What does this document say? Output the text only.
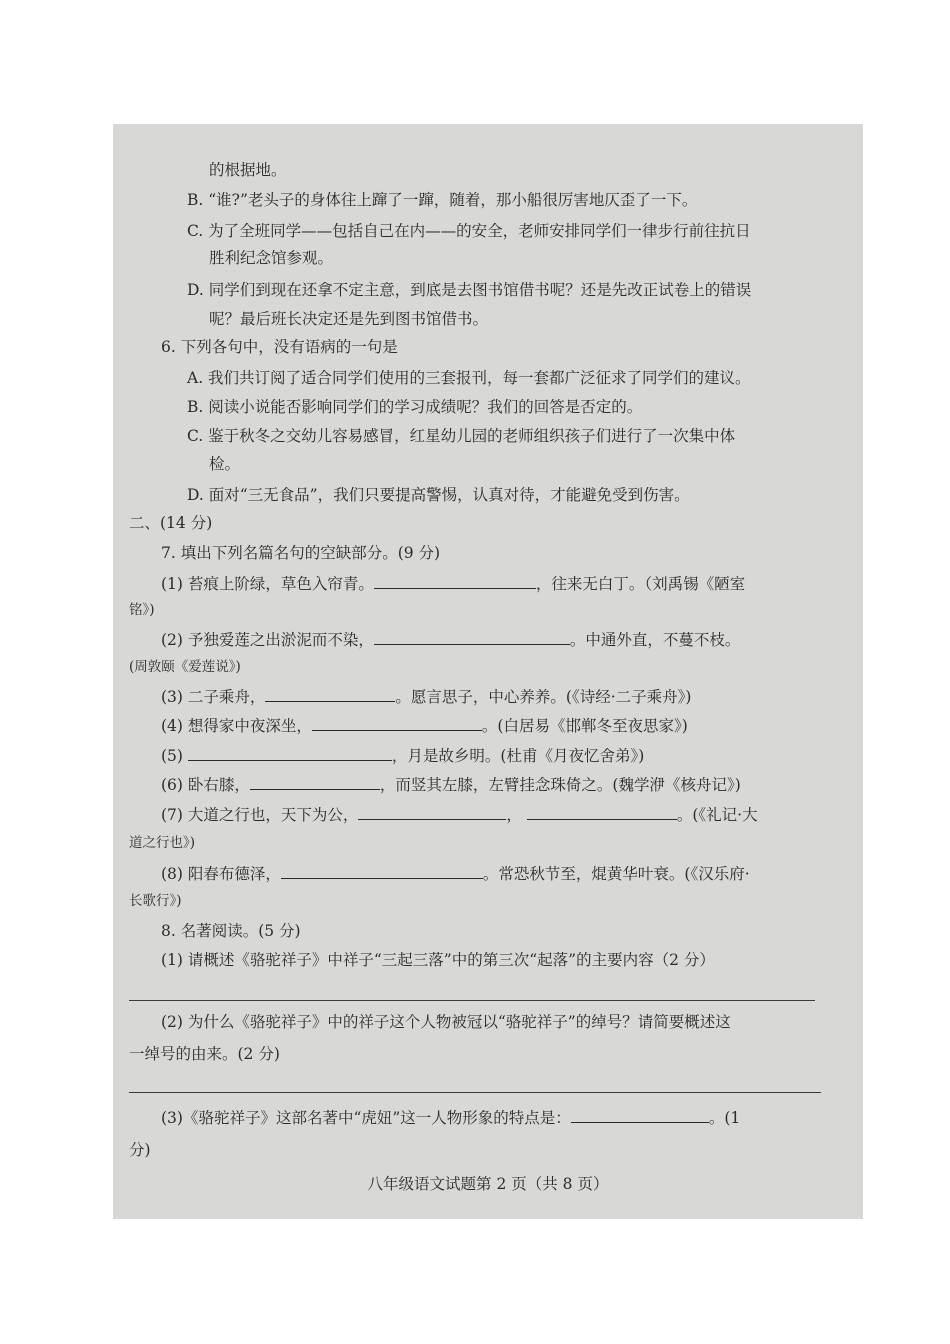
的根据地。
B. “谁?”老头子的身体往上蹿了一蹿，随着，那小船很厉害地仄歪了一下。
C. 为了全班同学——包括自己在内——的安全，老师安排同学们一律步行前往抗日
胜利纪念馆参观。
D. 同学们到现在还拿不定主意，到底是去图书馆借书呢？还是先改正试卷上的错误
呢？最后班长决定还是先到图书馆借书。
6. 下列各句中，没有语病的一句是
A. 我们共订阅了适合同学们使用的三套报刊，每一套都广泛征求了同学们的建议。
B. 阅读小说能否影响同学们的学习成绩呢？我们的回答是否定的。
C. 鉴于秋冬之交幼儿容易感冒，红星幼儿园的老师组织孩子们进行了一次集中体
检。
D. 面对“三无食品”，我们只要提高警惕，认真对待，才能避免受到伤害。
二、(14 分)
7. 填出下列名篇名句的空缺部分。(9 分)
(1) 苔痕上阶绿，草色入帘青。	，往来无白丁。（刘禹锡《陋室
铭》)
(2) 予独爱莲之出淤泥而不染，	。中通外直，不蔓不枝。
(周敦颐《爱莲说》)
(3) 二子乘舟，	。愿言思子，中心养养。(《诗经·二子乘舟》)
(4) 想得家中夜深坐，	。(白居易《邯郸冬至夜思家》)
(5)	，月是故乡明。(杜甫《月夜忆舍弟》)
(6) 卧右膝，	，而竖其左膝，左臂挂念珠倚之。(魏学洢《核舟记》)
(7) 大道之行也，天下为公，	，	。(《礼记·大
道之行也》)
(8) 阳春布德泽，	。常恐秋节至，焜黄华叶衰。(《汉乐府·
长歌行》)
8. 名著阅读。(5 分)
(1) 请概述《骆驼祥子》中祥子“三起三落”中的第三次“起落”的主要内容（2 分）
(2) 为什么《骆驼祥子》中的祥子这个人物被冠以“骆驼祥子”的绰号？请简要概述这
一绰号的由来。(2 分)
(3)《骆驼祥子》这部名著中“虎妞”这一人物形象的特点是：	。(1
分)
八年级语文试题第 2 页（共 8 页）
